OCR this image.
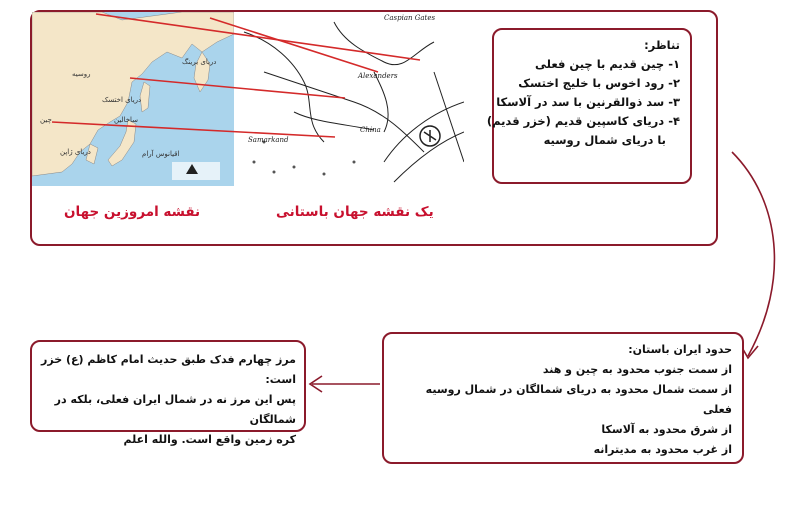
روسیه
چین
دریای اختسک
دریای برینگ
اقیانوس آرام
دریای ژاپن
ساخالین
Caspian Gates
China
Samarkand
Alexanders
نقشه امروزین جهان	یک نقشه جهان باستانی
تناظر:
۱- چین قدیم با چین فعلی
۲- رود اخوس با خلیج اختسک
۳- سد ذوالقرنین با سد در آلاسکا
۴- دریای کاسپین قدیم (خزر قدیم)
با دریای شمال روسیه
حدود ایران باستان:
از سمت جنوب محدود به چین و هند
از سمت شمال محدود به دریای شمالگان در شمال روسیه فعلی
از شرق محدود به آلاسکا
از غرب محدود به مدیترانه
مرز چهارم فدک طبق حدیث امام کاظم (ع) خزر است:
پس این مرز نه در شمال ایران فعلی، بلکه در شمالگان
کره زمین واقع است. والله اعلم
